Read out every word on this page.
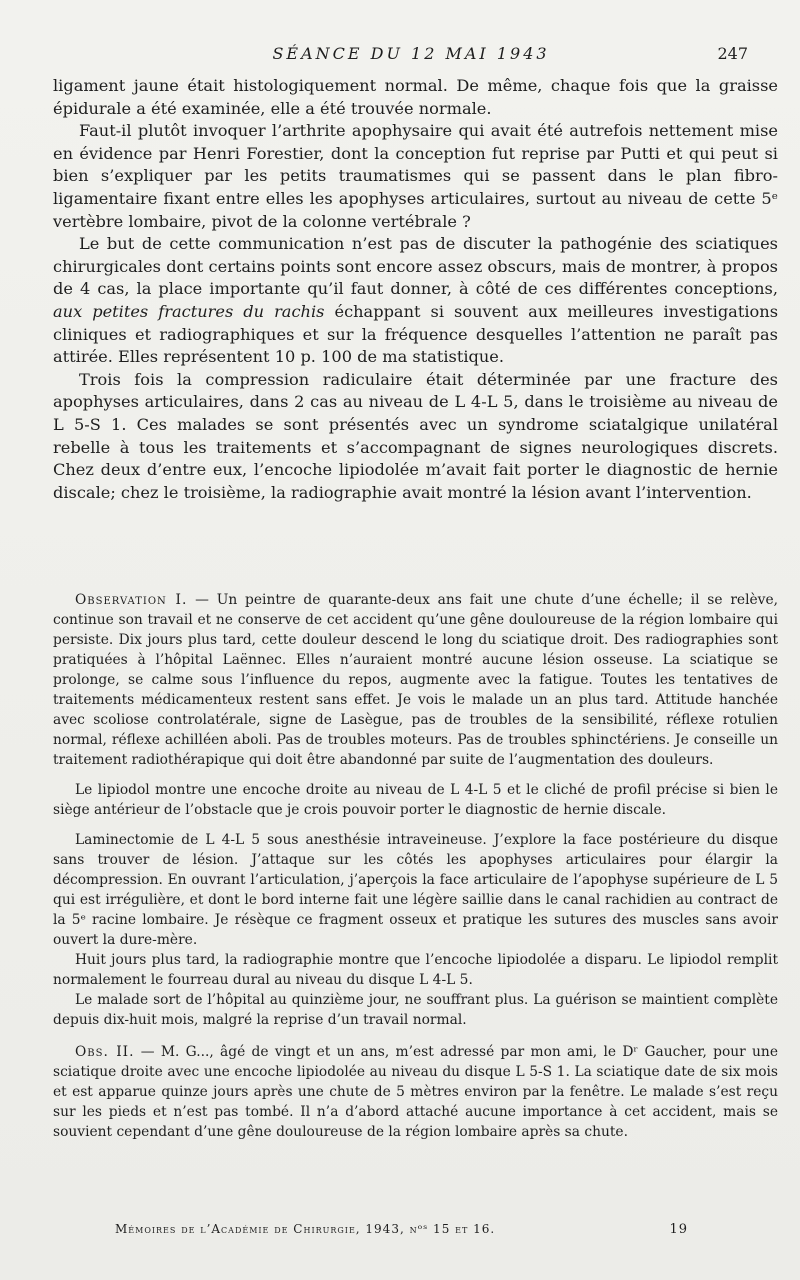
SÉANCE DU 12 MAI 1943	247

ligament jaune était histologiquement normal. De même, chaque fois que la graisse épidurale a été examinée, elle a été trouvée normale.

Faut-il plutôt invoquer l’arthrite apophysaire qui avait été autrefois nettement mise en évidence par Henri Forestier, dont la conception fut reprise par Putti et qui peut si bien s’expliquer par les petits traumatismes qui se passent dans le plan fibro-ligamentaire fixant entre elles les apophyses articulaires, surtout au niveau de cette 5ᵉ vertèbre lombaire, pivot de la colonne vertébrale ?

Le but de cette communication n’est pas de discuter la pathogénie des sciatiques chirurgicales dont certains points sont encore assez obscurs, mais de montrer, à propos de 4 cas, la place importante qu’il faut donner, à côté de ces différentes conceptions, aux petites fractures du rachis échappant si souvent aux meilleures investigations cliniques et radiographiques et sur la fréquence desquelles l’attention ne paraît pas attirée. Elles représentent 10 p. 100 de ma statistique.

Trois fois la compression radiculaire était déterminée par une fracture des apophyses articulaires, dans 2 cas au niveau de L 4-L 5, dans le troisième au niveau de L 5-S 1. Ces malades se sont présentés avec un syndrome sciatalgique unilatéral rebelle à tous les traitements et s’accompagnant de signes neurologiques discrets. Chez deux d’entre eux, l’encoche lipiodolée m’avait fait porter le diagnostic de hernie discale; chez le troisième, la radiographie avait montré la lésion avant l’intervention.

Observation I. — Un peintre de quarante-deux ans fait une chute d’une échelle; il se relève, continue son travail et ne conserve de cet accident qu’une gêne douloureuse de la région lombaire qui persiste. Dix jours plus tard, cette douleur descend le long du sciatique droit. Des radiographies sont pratiquées à l’hôpital Laënnec. Elles n’auraient montré aucune lésion osseuse. La sciatique se prolonge, se calme sous l’influence du repos, augmente avec la fatigue. Toutes les tentatives de traitements médicamenteux restent sans effet. Je vois le malade un an plus tard. Attitude hanchée avec scoliose controlatérale, signe de Lasègue, pas de troubles de la sensibilité, réflexe rotulien normal, réflexe achilléen aboli. Pas de troubles moteurs. Pas de troubles sphinctériens. Je conseille un traitement radiothérapique qui doit être abandonné par suite de l’augmentation des douleurs.

Le lipiodol montre une encoche droite au niveau de L 4-L 5 et le cliché de profil précise si bien le siège antérieur de l’obstacle que je crois pouvoir porter le diagnostic de hernie discale.

Laminectomie de L 4-L 5 sous anesthésie intraveineuse. J’explore la face postérieure du disque sans trouver de lésion. J’attaque sur les côtés les apophyses articulaires pour élargir la décompression. En ouvrant l’articulation, j’aperçois la face articulaire de l’apophyse supérieure de L 5 qui est irrégulière, et dont le bord interne fait une légère saillie dans le canal rachidien au contract de la 5ᵉ racine lombaire. Je résèque ce fragment osseux et pratique les sutures des muscles sans avoir ouvert la dure-mère.

Huit jours plus tard, la radiographie montre que l’encoche lipiodolée a disparu. Le lipiodol remplit normalement le fourreau dural au niveau du disque L 4-L 5.

Le malade sort de l’hôpital au quinzième jour, ne souffrant plus. La guérison se maintient complète depuis dix-huit mois, malgré la reprise d’un travail normal.

Obs. II. — M. G..., âgé de vingt et un ans, m’est adressé par mon ami, le Dʳ Gaucher, pour une sciatique droite avec une encoche lipiodolée au niveau du disque L 5-S 1. La sciatique date de six mois et est apparue quinze jours après une chute de 5 mètres environ par la fenêtre. Le malade s’est reçu sur les pieds et n’est pas tombé. Il n’a d’abord attaché aucune importance à cet accident, mais se souvient cependant d’une gêne douloureuse de la région lombaire après sa chute.

Mémoires de l’Académie de Chirurgie, 1943, nᵒˢ 15 et 16.	19
